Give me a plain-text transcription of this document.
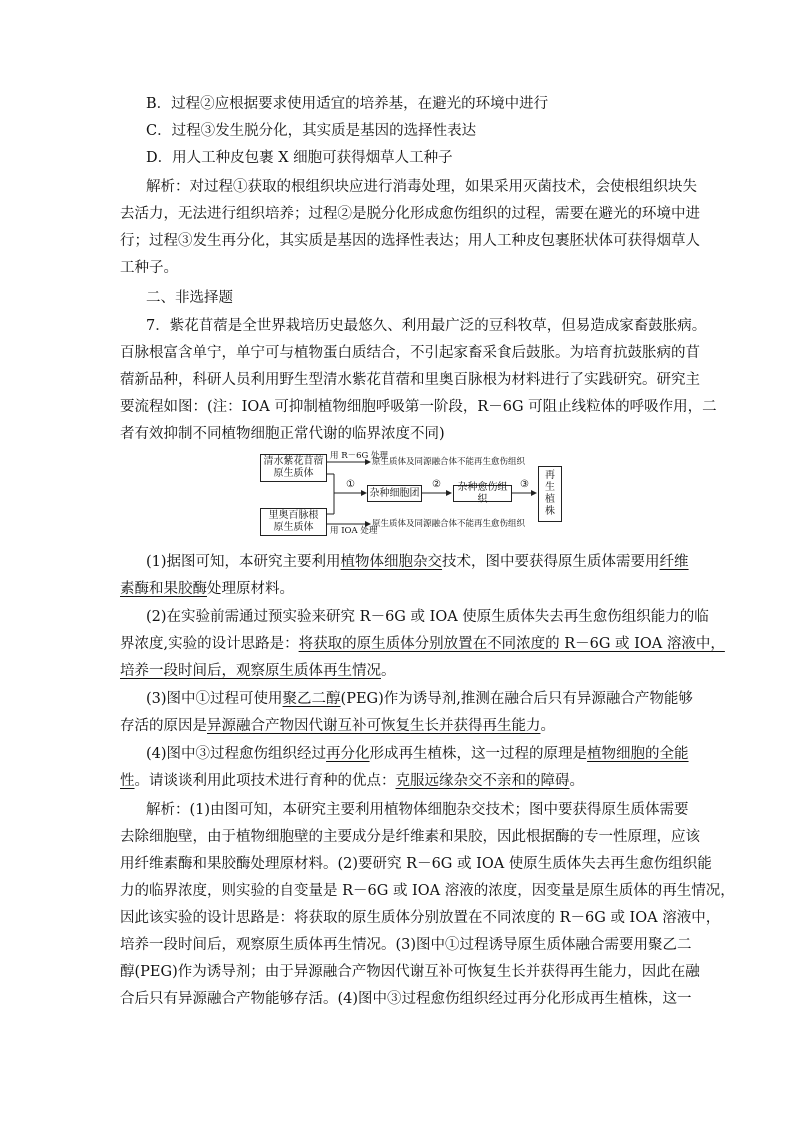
B．过程②应根据要求使用适宜的培养基，在避光的环境中进行
C．过程③发生脱分化，其实质是基因的选择性表达
D．用人工种皮包裹 X 细胞可获得烟草人工种子
解析：对过程①获取的根组织块应进行消毒处理，如果采用灭菌技术，会使根组织块失
去活力，无法进行组织培养；过程②是脱分化形成愈伤组织的过程，需要在避光的环境中进
行；过程③发生再分化，其实质是基因的选择性表达；用人工种皮包裹胚状体可获得烟草人
工种子。
二、非选择题
7．紫花苜蓿是全世界栽培历史最悠久、利用最广泛的豆科牧草，但易造成家畜鼓胀病。
百脉根富含单宁，单宁可与植物蛋白质结合，不引起家畜采食后鼓胀。为培育抗鼓胀病的苜
蓿新品种，科研人员利用野生型清水紫花苜蓿和里奥百脉根为材料进行了实践研究。研究主
要流程如图：(注：IOA 可抑制植物细胞呼吸第一阶段，R－6G 可阻止线粒体的呼吸作用，二
者有效抑制不同植物细胞正常代谢的临界浓度不同)
清水紫花苜蓿
原生质体
里奥百脉根
原生质体
杂种细胞团
杂种愈伤组织
再
生
植
株
用 R－6G 处理
原生质体及同源融合体不能再生愈伤组织
用 IOA 处理
原生质体及同源融合体不能再生愈伤组织
①	②	③
(1)据图可知，本研究主要利用植物体细胞杂交技术，图中要获得原生质体需要用纤维
素酶和果胶酶处理原材料。
(2)在实验前需通过预实验来研究 R－6G 或 IOA 使原生质体失去再生愈伤组织能力的临
界浓度,实验的设计思路是：将获取的原生质体分别放置在不同浓度的 R－6G 或 IOA 溶液中，
培养一段时间后，观察原生质体再生情况。
(3)图中①过程可使用聚乙二醇(PEG)作为诱导剂,推测在融合后只有异源融合产物能够
存活的原因是异源融合产物因代谢互补可恢复生长并获得再生能力。
(4)图中③过程愈伤组织经过再分化形成再生植株，这一过程的原理是植物细胞的全能
性。请谈谈利用此项技术进行育种的优点：克服远缘杂交不亲和的障碍。
解析：(1)由图可知，本研究主要利用植物体细胞杂交技术；图中要获得原生质体需要
去除细胞壁，由于植物细胞壁的主要成分是纤维素和果胶，因此根据酶的专一性原理，应该
用纤维素酶和果胶酶处理原材料。(2)要研究 R－6G 或 IOA 使原生质体失去再生愈伤组织能
力的临界浓度，则实验的自变量是 R－6G 或 IOA 溶液的浓度，因变量是原生质体的再生情况，
因此该实验的设计思路是：将获取的原生质体分别放置在不同浓度的 R－6G 或 IOA 溶液中，
培养一段时间后，观察原生质体再生情况。(3)图中①过程诱导原生质体融合需要用聚乙二
醇(PEG)作为诱导剂；由于异源融合产物因代谢互补可恢复生长并获得再生能力，因此在融
合后只有异源融合产物能够存活。(4)图中③过程愈伤组织经过再分化形成再生植株，这一
